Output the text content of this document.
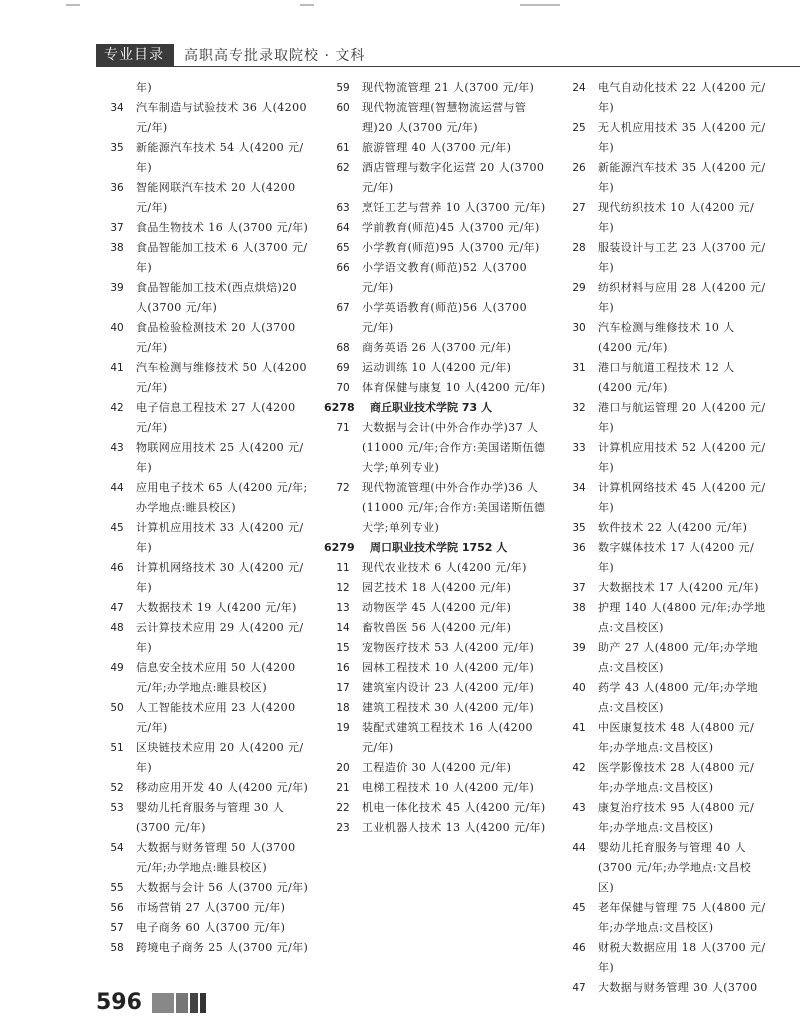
专业目录	高职高专批录取院校 · 文科
年)
34	汽车制造与试验技术 36 人(4200 元/年)
35	新能源汽车技术 54 人(4200 元/年)
36	智能网联汽车技术 20 人(4200 元/年)
37	食品生物技术 16 人(3700 元/年)
38	食品智能加工技术 6 人(3700 元/年)
39	食品智能加工技术(西点烘焙)20 人(3700 元/年)
40	食品检验检测技术 20 人(3700 元/年)
41	汽车检测与维修技术 50 人(4200 元/年)
42	电子信息工程技术 27 人(4200 元/年)
43	物联网应用技术 25 人(4200 元/年)
44	应用电子技术 65 人(4200 元/年;办学地点:睢县校区)
45	计算机应用技术 33 人(4200 元/年)
46	计算机网络技术 30 人(4200 元/年)
47	大数据技术 19 人(4200 元/年)
48	云计算技术应用 29 人(4200 元/年)
49	信息安全技术应用 50 人(4200 元/年;办学地点:睢县校区)
50	人工智能技术应用 23 人(4200 元/年)
51	区块链技术应用 20 人(4200 元/年)
52	移动应用开发 40 人(4200 元/年)
53	婴幼儿托育服务与管理 30 人(3700 元/年)
54	大数据与财务管理 50 人(3700 元/年;办学地点:睢县校区)
55	大数据与会计 56 人(3700 元/年)
56	市场营销 27 人(3700 元/年)
57	电子商务 60 人(3700 元/年)
58	跨境电子商务 25 人(3700 元/年)
59	现代物流管理 21 人(3700 元/年)
60	现代物流管理(智慧物流运营与管理)20 人(3700 元/年)
61	旅游管理 40 人(3700 元/年)
62	酒店管理与数字化运营 20 人(3700 元/年)
63	烹饪工艺与营养 10 人(3700 元/年)
64	学前教育(师范)45 人(3700 元/年)
65	小学教育(师范)95 人(3700 元/年)
66	小学语文教育(师范)52 人(3700 元/年)
67	小学英语教育(师范)56 人(3700 元/年)
68	商务英语 26 人(3700 元/年)
69	运动训练 10 人(4200 元/年)
70	体育保健与康复 10 人(4200 元/年)
6278 商丘职业技术学院 73 人
71	大数据与会计(中外合作办学)37 人(11000 元/年;合作方:美国诺斯伍德大学;单列专业)
72	现代物流管理(中外合作办学)36 人(11000 元/年;合作方:美国诺斯伍德大学;单列专业)
6279 周口职业技术学院 1752 人
11	现代农业技术 6 人(4200 元/年)
12	园艺技术 18 人(4200 元/年)
13	动物医学 45 人(4200 元/年)
14	畜牧兽医 56 人(4200 元/年)
15	宠物医疗技术 53 人(4200 元/年)
16	园林工程技术 10 人(4200 元/年)
17	建筑室内设计 23 人(4200 元/年)
18	建筑工程技术 30 人(4200 元/年)
19	装配式建筑工程技术 16 人(4200 元/年)
20	工程造价 30 人(4200 元/年)
21	电梯工程技术 10 人(4200 元/年)
22	机电一体化技术 45 人(4200 元/年)
23	工业机器人技术 13 人(4200 元/年)
24	电气自动化技术 22 人(4200 元/年)
25	无人机应用技术 35 人(4200 元/年)
26	新能源汽车技术 35 人(4200 元/年)
27	现代纺织技术 10 人(4200 元/年)
28	服装设计与工艺 23 人(3700 元/年)
29	纺织材料与应用 28 人(4200 元/年)
30	汽车检测与维修技术 10 人(4200 元/年)
31	港口与航道工程技术 12 人(4200 元/年)
32	港口与航运管理 20 人(4200 元/年)
33	计算机应用技术 52 人(4200 元/年)
34	计算机网络技术 45 人(4200 元/年)
35	软件技术 22 人(4200 元/年)
36	数字媒体技术 17 人(4200 元/年)
37	大数据技术 17 人(4200 元/年)
38	护理 140 人(4800 元/年;办学地点:文昌校区)
39	助产 27 人(4800 元/年;办学地点:文昌校区)
40	药学 43 人(4800 元/年;办学地点:文昌校区)
41	中医康复技术 48 人(4800 元/年;办学地点:文昌校区)
42	医学影像技术 28 人(4800 元/年;办学地点:文昌校区)
43	康复治疗技术 95 人(4800 元/年;办学地点:文昌校区)
44	婴幼儿托育服务与管理 40 人(3700 元/年;办学地点:文昌校区)
45	老年保健与管理 75 人(4800 元/年;办学地点:文昌校区)
46	财税大数据应用 18 人(3700 元/年)
47	大数据与财务管理 30 人(3700
596
